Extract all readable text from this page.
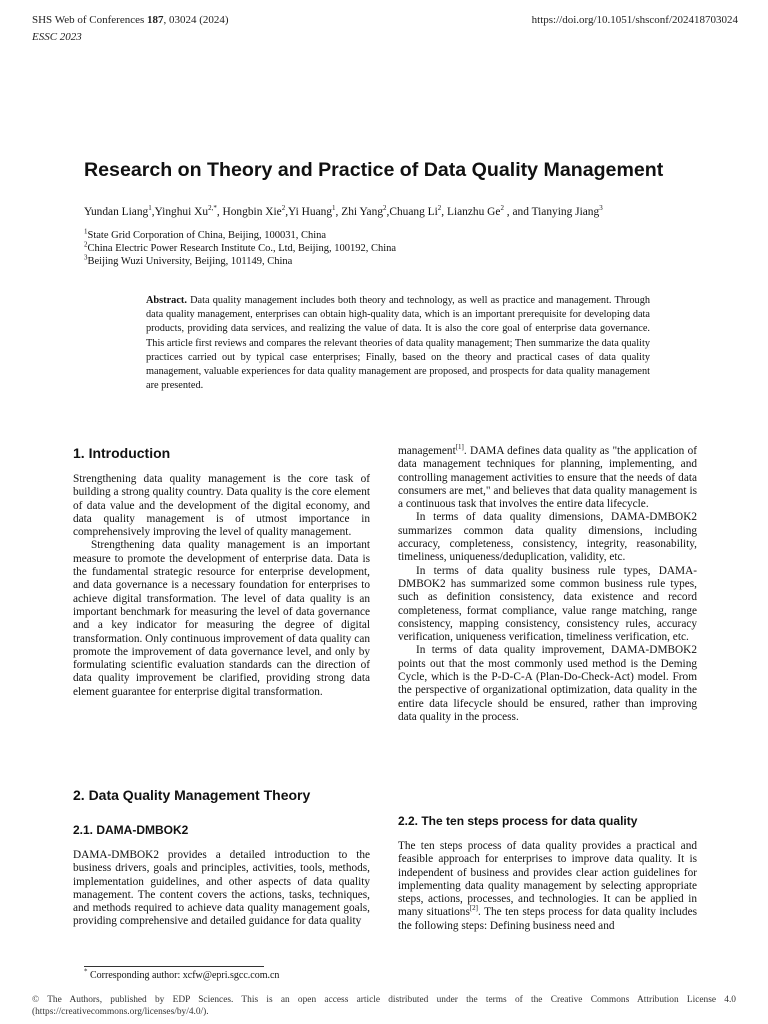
SHS Web of Conferences 187, 03024 (2024)	https://doi.org/10.1051/shsconf/202418703024
ESSC 2023
Research on Theory and Practice of Data Quality Management
Yundan Liang$^1$,Yinghui $Xu^{2,*}$, Hongbin Xie$^2$,Yi Huang$^1$, Zhi Yang$^2$,Chuang Li$^2$, Lianzhu Ge$^2$ , and Tianying Jiang$^3$
$^1$State Grid Corporation of China, Beijing, 100031, China
$^2$China Electric Power Research Institute Co., Ltd, Beijing, 100192, China
$^3$Beijing Wuzi University, Beijing, 101149, China
Abstract. Data quality management includes both theory and technology, as well as practice and management. Through data quality management, enterprises can obtain high-quality data, which is an important prerequisite for developing data products, providing data services, and realizing the value of data. It is also the core goal of enterprise data governance. This article first reviews and compares the relevant theories of data quality management; Then summarize the data quality practices carried out by typical case enterprises; Finally, based on the theory and practical cases of data quality management, valuable experiences for data quality management are proposed, and prospects for data quality management are presented.
1. Introduction

Strengthening data quality management is the core task of building a strong quality country. Data quality is the core element of data value and the development of the digital economy, and data quality management is of utmost importance in comprehensively improving the level of quality management.

Strengthening data quality management is an important measure to promote the development of enterprise data. Data is the fundamental strategic resource for enterprise development, and data governance is a necessary foundation for enterprises to achieve digital transformation. The level of data quality is an important benchmark for measuring the level of data governance and a key indicator for measuring the degree of digital transformation. Only continuous improvement of data quality can promote the improvement of data governance level, and only by formulating scientific evaluation standards can the direction of data quality improvement be clarified, providing strong data element guarantee for enterprise digital transformation.

2. Data Quality Management Theory
2.1. DAMA-DMBOK2

DAMA-DMBOK2 provides a detailed introduction to the business drivers, goals and principles, activities, tools, methods, implementation guidelines, and other aspects of data quality management. The content covers the actions, tasks, techniques, and methods required to achieve data quality management goals, providing comprehensive and detailed guidance for data quality

management[1]. DAMA defines data quality as "the application of data management techniques for planning, implementing, and controlling management activities to ensure that the needs of data consumers are met," and believes that data quality management is a continuous task that involves the entire data lifecycle.

In terms of data quality dimensions, DAMA-DMBOK2 summarizes common data quality dimensions, including accuracy, completeness, consistency, integrity, reasonability, timeliness, uniqueness/deduplication, validity, etc.

In terms of data quality business rule types, DAMA-DMBOK2 has summarized some common business rule types, such as definition consistency, data existence and record completeness, format compliance, value range matching, range consistency, mapping consistency, consistency rules, accuracy verification, uniqueness verification, timeliness verification, etc.

In terms of data quality improvement, DAMA-DMBOK2 points out that the most commonly used method is the Deming Cycle, which is the P-D-C-A (Plan-Do-Check-Act) model. From the perspective of organizational optimization, data quality in the entire data lifecycle should be ensured, rather than improving data quality in the process.

2.2. The ten steps process for data quality

The ten steps process of data quality provides a practical and feasible approach for enterprises to improve data quality. It is independent of business and provides clear action guidelines for implementing data quality management by selecting appropriate steps, actions, processes, and technologies. It can be applied in many situations[2]. The ten steps process for data quality includes the following steps: Defining business need and

* Corresponding author: xcfw@epri.sgcc.com.cn
© The Authors, published by EDP Sciences. This is an open access article distributed under the terms of the Creative Commons Attribution License 4.0 (https://creativecommons.org/licenses/by/4.0/).
